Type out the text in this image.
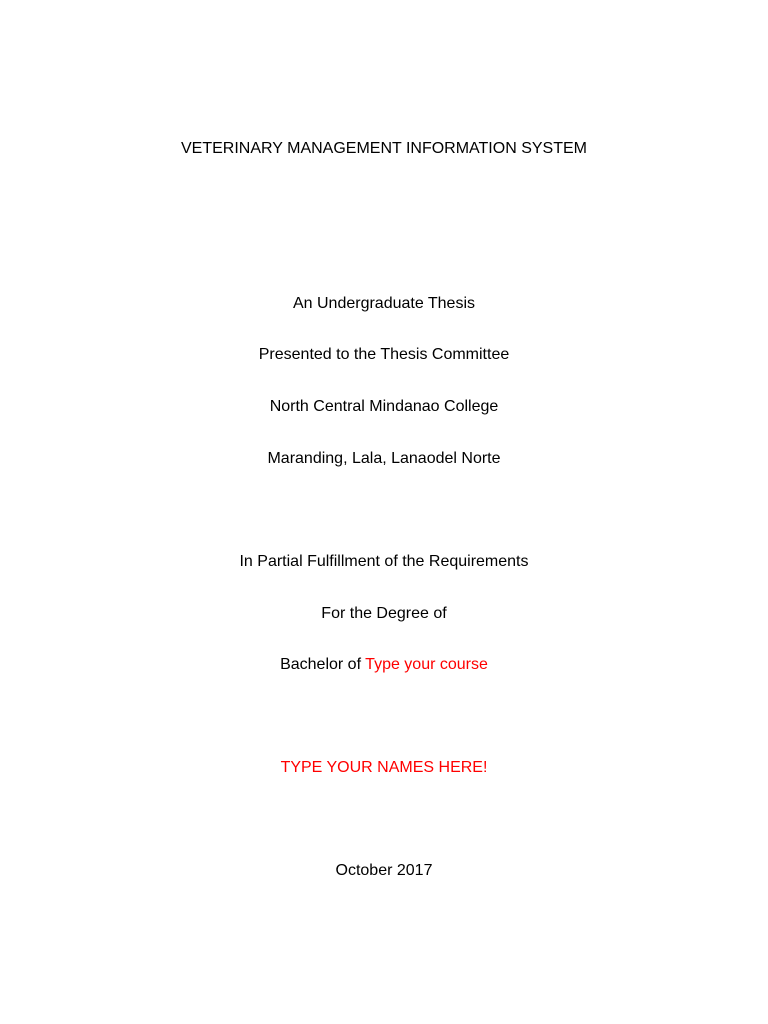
VETERINARY MANAGEMENT INFORMATION SYSTEM
An Undergraduate Thesis
Presented to the Thesis Committee
North Central Mindanao College
Maranding, Lala, Lanaodel Norte
In Partial Fulfillment of the Requirements
For the Degree of
Bachelor of Type your course
TYPE YOUR NAMES HERE!
October 2017
